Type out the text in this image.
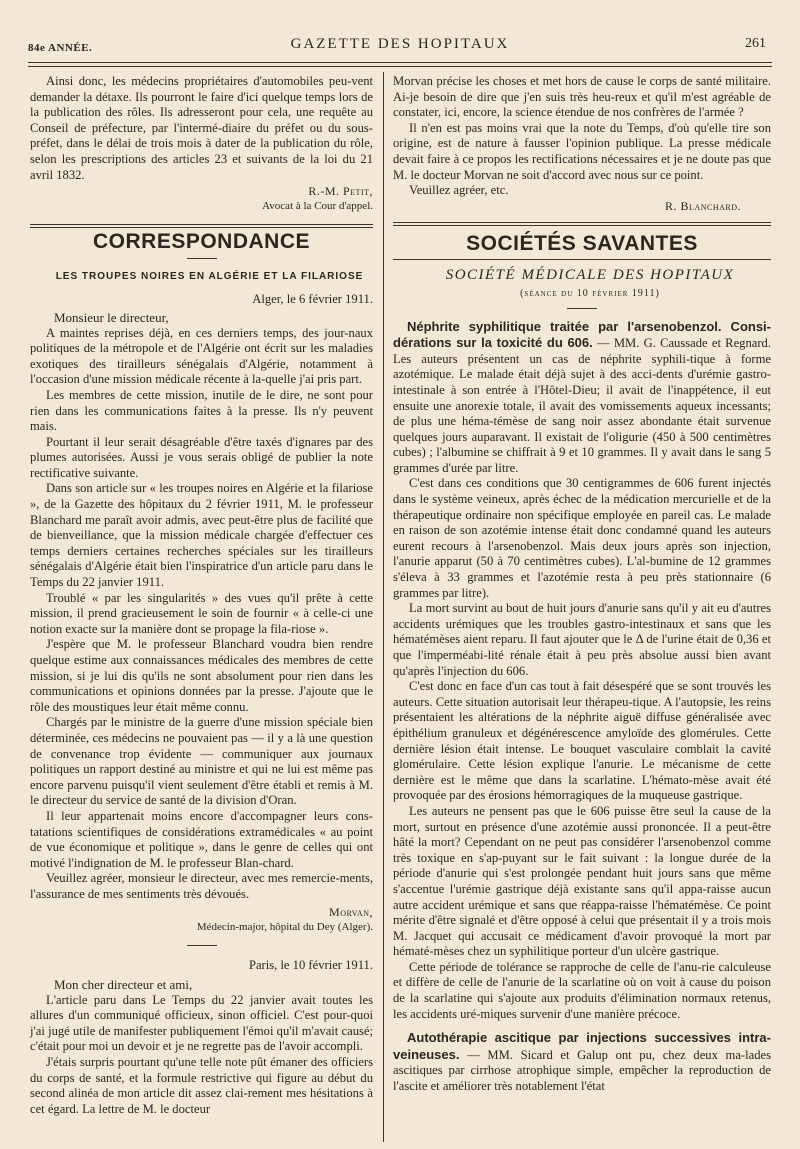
84e ANNÉE.	GAZETTE DES HOPITAUX	261

Ainsi donc, les médecins propriétaires d'automobiles peu-vent demander la détaxe. Ils pourront le faire d'ici quelque temps lors de la publication des rôles. Ils adresseront pour cela, une requête au Conseil de préfecture, par l'intermé-diaire du préfet ou du sous-préfet, dans le délai de trois mois à dater de la publication du rôle, selon les prescriptions des articles 23 et suivants de la loi du 21 avril 1832.

R.-M. Petit,

Avocat à la Cour d'appel.

CORRESPONDANCE

LES TROUPES NOIRES EN ALGÉRIE ET LA FILARIOSE

Alger, le 6 février 1911.

Monsieur le directeur,

A maintes reprises déjà, en ces derniers temps, des jour-naux politiques de la métropole et de l'Algérie ont écrit sur les maladies exotiques des tirailleurs sénégalais d'Algérie, notamment à l'occasion d'une mission médicale récente à la-quelle j'ai pris part.

Les membres de cette mission, inutile de le dire, ne sont pour rien dans les communications faites à la presse. Ils n'y peuvent mais.

Pourtant il leur serait désagréable d'être taxés d'ignares par des plumes autorisées. Aussi je vous serais obligé de publier la note rectificative suivante.

Dans son article sur « les troupes noires en Algérie et la filariose », de la Gazette des hôpitaux du 2 février 1911, M. le professeur Blanchard me paraît avoir admis, avec peut-être plus de facilité que de bienveillance, que la mission médicale chargée d'effectuer ces temps derniers certaines recherches spéciales sur les tirailleurs sénégalais d'Algérie était bien l'inspiratrice d'un article paru dans le Temps du 22 janvier 1911.

Troublé « par les singularités » des vues qu'il prête à cette mission, il prend gracieusement le soin de fournir « à celle-ci une notion exacte sur la manière dont se propage la fila-riose ».

J'espère que M. le professeur Blanchard voudra bien rendre quelque estime aux connaissances médicales des membres de cette mission, si je lui dis qu'ils ne sont absolument pour rien dans les communications et opinions données par la presse. J'ajoute que le rôle des moustiques leur était même connu.

Chargés par le ministre de la guerre d'une mission spéciale bien déterminée, ces médecins ne pouvaient pas — il y a là une question de convenance trop évidente — communiquer aux journaux politiques un rapport destiné au ministre et qui ne lui est même pas encore parvenu puisqu'il vient seulement d'être établi et remis à M. le directeur du service de santé de la division d'Oran.

Il leur appartenait moins encore d'accompagner leurs cons-tatations scientifiques de considérations extramédicales « au point de vue économique et politique », dans le genre de celles qui ont motivé l'indignation de M. le professeur Blan-chard.

Veuillez agréer, monsieur le directeur, avec mes remercie-ments, l'assurance de mes sentiments très dévoués.

Morvan,

Médecin-major, hôpital du Dey (Alger).

Paris, le 10 février 1911.

Mon cher directeur et ami,

L'article paru dans Le Temps du 22 janvier avait toutes les allures d'un communiqué officieux, sinon officiel. C'est pour-quoi j'ai jugé utile de manifester publiquement l'émoi qu'il m'avait causé; c'était pour moi un devoir et je ne regrette pas de l'avoir accompli.

J'étais surpris pourtant qu'une telle note pût émaner des officiers du corps de santé, et la formule restrictive qui figure au début du second alinéa de mon article dit assez clai-rement mes hésitations à cet égard. La lettre de M. le docteur

Morvan précise les choses et met hors de cause le corps de santé militaire. Ai-je besoin de dire que j'en suis très heu-reux et qu'il m'est agréable de constater, ici, encore, la science étendue de nos confrères de l'armée ?

Il n'en est pas moins vrai que la note du Temps, d'où qu'elle tire son origine, est de nature à fausser l'opinion publique. La presse médicale devait faire à ce propos les rectifications nécessaires et je ne doute pas que M. le docteur Morvan ne soit d'accord avec nous sur ce point.

Veuillez agréer, etc.

R. Blanchard.

SOCIÉTÉS SAVANTES

SOCIÉTÉ MÉDICALE DES HOPITAUX

(séance du 10 février 1911)

Néphrite syphilitique traitée par l'arsenobenzol. Consi-dérations sur la toxicité du 606. — MM. G. Caussade et Regnard. Les auteurs présentent un cas de néphrite syphili-tique à forme azotémique. Le malade était déjà sujet à des acci-dents d'urémie gastro-intestinale à son entrée à l'Hôtel-Dieu; il avait de l'inappétence, il eut ensuite une anorexie totale, il avait des vomissements aqueux incessants; de plus une héma-témèse de sang noir assez abondante était survenue quelques jours auparavant. Il existait de l'oligurie (450 à 500 centimètres cubes) ; l'albumine se chiffrait à 9 et 10 grammes. Il y avait dans le sang 5 grammes d'urée par litre.

C'est dans ces conditions que 30 centigrammes de 606 furent injectés dans le système veineux, après échec de la médication mercurielle et de la thérapeutique ordinaire non spécifique employée en pareil cas. Le malade en raison de son azotémie intense était donc condamné quand les auteurs eurent recours à l'arsenobenzol. Mais deux jours après son injection, l'anurie apparut (50 à 70 centimètres cubes). L'al-bumine de 12 grammes s'éleva à 33 grammes et l'azotémie resta à peu près stationnaire (6 grammes par litre).

La mort survint au bout de huit jours d'anurie sans qu'il y ait eu d'autres accidents urémiques que les troubles gastro-intestinaux et sans que les hématémèses aient reparu. Il faut ajouter que le Δ de l'urine était de 0,36 et que l'imperméabi-lité rénale était à peu près absolue aussi bien avant qu'après l'injection du 606.

C'est donc en face d'un cas tout à fait désespéré que se sont trouvés les auteurs. Cette situation autorisait leur thérapeu-tique. A l'autopsie, les reins présentaient les altérations de la néphrite aiguë diffuse généralisée avec épithélium granuleux et dégénérescence amyloïde des glomérules. Cette dernière lésion était intense. Le bouquet vasculaire comblait la cavité glomérulaire. Cette lésion explique l'anurie. Le mécanisme de cette dernière est le même que dans la scarlatine. L'hémato-mèse avait été provoquée par des érosions hémorragiques de la muqueuse gastrique.

Les auteurs ne pensent pas que le 606 puisse être seul la cause de la mort, surtout en présence d'une azotémie aussi prononcée. Il a peut-être hâté la mort? Cependant on ne peut pas considérer l'arsenobenzol comme très toxique en s'ap-puyant sur le fait suivant : la longue durée de la période d'anurie qui s'est prolongée pendant huit jours sans que même s'accentue l'urémie gastrique déjà existante sans qu'il appa-raisse aucun autre accident urémique et sans que réappa-raisse l'hématémèse. Ce point mérite d'être signalé et d'être opposé à celui que présentait il y a trois mois M. Jacquet qui accusait ce médicament d'avoir provoqué la mort par hématé-mèses chez un syphilitique porteur d'un ulcère gastrique.

Cette période de tolérance se rapproche de celle de l'anu-rie calculeuse et diffère de celle de l'anurie de la scarlatine où on voit à cause du poison de la scarlatine qui s'ajoute aux produits d'élimination normaux retenus, les accidents uré-miques survenir d'une manière précoce.

Autothérapie ascitique par injections successives intra-veineuses. — MM. Sicard et Galup ont pu, chez deux ma-lades ascitiques par cirrhose atrophique simple, empêcher la reproduction de l'ascite et améliorer très notablement l'état
